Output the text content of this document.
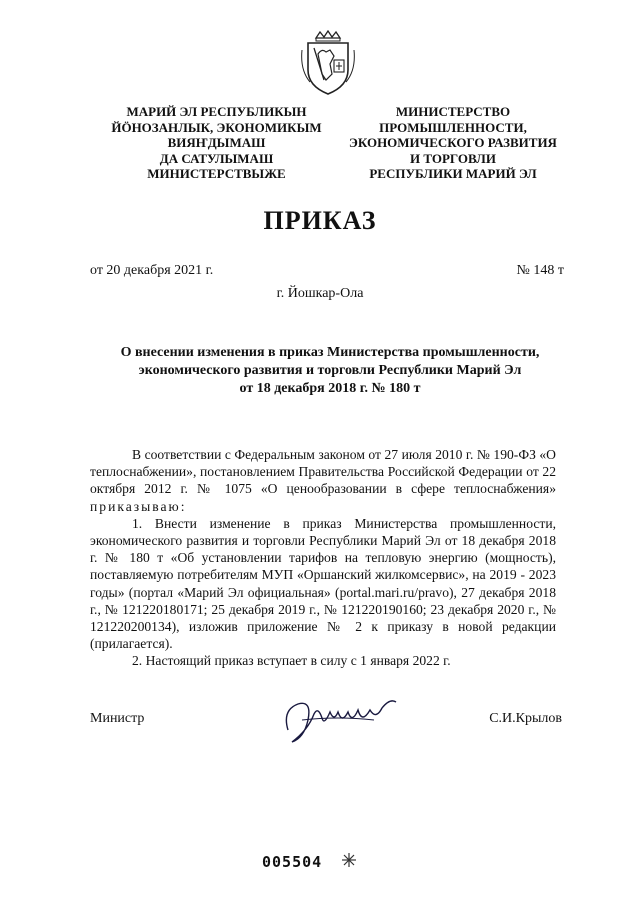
МАРИЙ ЭЛ РЕСПУБЛИКЫН
ЙӦНОЗАНЛЫК, ЭКОНОМИКЫМ
ВИЯҤДЫМАШ
ДА САТУЛЫМАШ
МИНИСТЕРСТВЫЖЕ
МИНИСТЕРСТВО
ПРОМЫШЛЕННОСТИ,
ЭКОНОМИЧЕСКОГО РАЗВИТИЯ
И ТОРГОВЛИ
РЕСПУБЛИКИ МАРИЙ ЭЛ
ПРИКАЗ
от 20 декабря 2021 г.	№ 148 т
г. Йошкар-Ола
О внесении изменения в приказ Министерства промышленности,
экономического развития и торговли Республики Марий Эл
от 18 декабря 2018 г. № 180 т

В соответствии с Федеральным законом от 27 июля 2010 г. № 190-ФЗ «О теплоснабжении», постановлением Правительства Российской Федерации от 22 октября 2012 г. № 1075 «О ценообразовании в сфере теплоснабжения» приказываю:

1. Внести изменение в приказ Министерства промышленности, экономического развития и торговли Республики Марий Эл от 18 декабря 2018 г. № 180 т «Об установлении тарифов на тепловую энергию (мощность), поставляемую потребителям МУП «Оршанский жилкомсервис», на 2019 - 2023 годы» (портал «Марий Эл официальная» (portal.mari.ru/pravo), 27 декабря 2018 г., № 121220180171; 25 декабря 2019 г., № 121220190160; 23 декабря 2020 г., № 121220200134), изложив приложение № 2 к приказу в новой редакции (прилагается).

2. Настоящий приказ вступает в силу с 1 января 2022 г.

Министр	С.И.Крылов
005504
